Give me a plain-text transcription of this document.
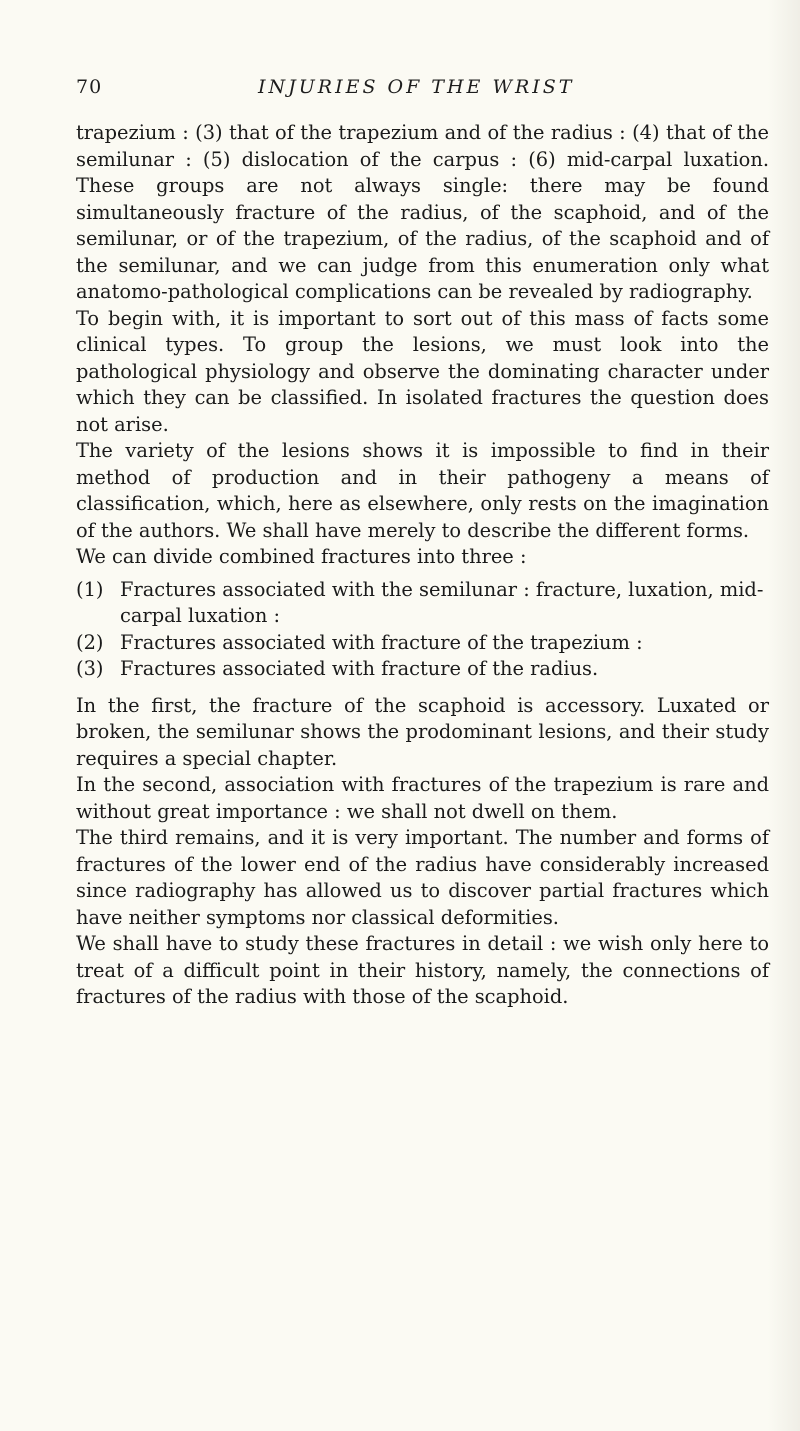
70	INJURIES OF THE WRIST

trapezium : (3) that of the trapezium and of the radius : (4) that of the semilunar : (5) dislocation of the carpus : (6) mid-carpal luxation. These groups are not always single: there may be found simultaneously fracture of the radius, of the scaphoid, and of the semilunar, or of the trapezium, of the radius, of the scaphoid and of the semilunar, and we can judge from this enumeration only what anatomo-pathological complications can be revealed by radiography.

To begin with, it is important to sort out of this mass of facts some clinical types. To group the lesions, we must look into the pathological physiology and observe the dominating character under which they can be classified. In isolated fractures the question does not arise.

The variety of the lesions shows it is impossible to find in their method of production and in their pathogeny a means of classification, which, here as elsewhere, only rests on the imagination of the authors. We shall have merely to describe the different forms.

We can divide combined fractures into three :

(1) Fractures associated with the semilunar : fracture, luxation, mid-carpal luxation :
(2) Fractures associated with fracture of the trapezium :
(3) Fractures associated with fracture of the radius.

In the first, the fracture of the scaphoid is accessory. Luxated or broken, the semilunar shows the prodominant lesions, and their study requires a special chapter.

In the second, association with fractures of the trapezium is rare and without great importance : we shall not dwell on them.

The third remains, and it is very important. The number and forms of fractures of the lower end of the radius have considerably increased since radiography has allowed us to discover partial fractures which have neither symptoms nor classical deformities.

We shall have to study these fractures in detail : we wish only here to treat of a difficult point in their history, namely, the connections of fractures of the radius with those of the scaphoid.
